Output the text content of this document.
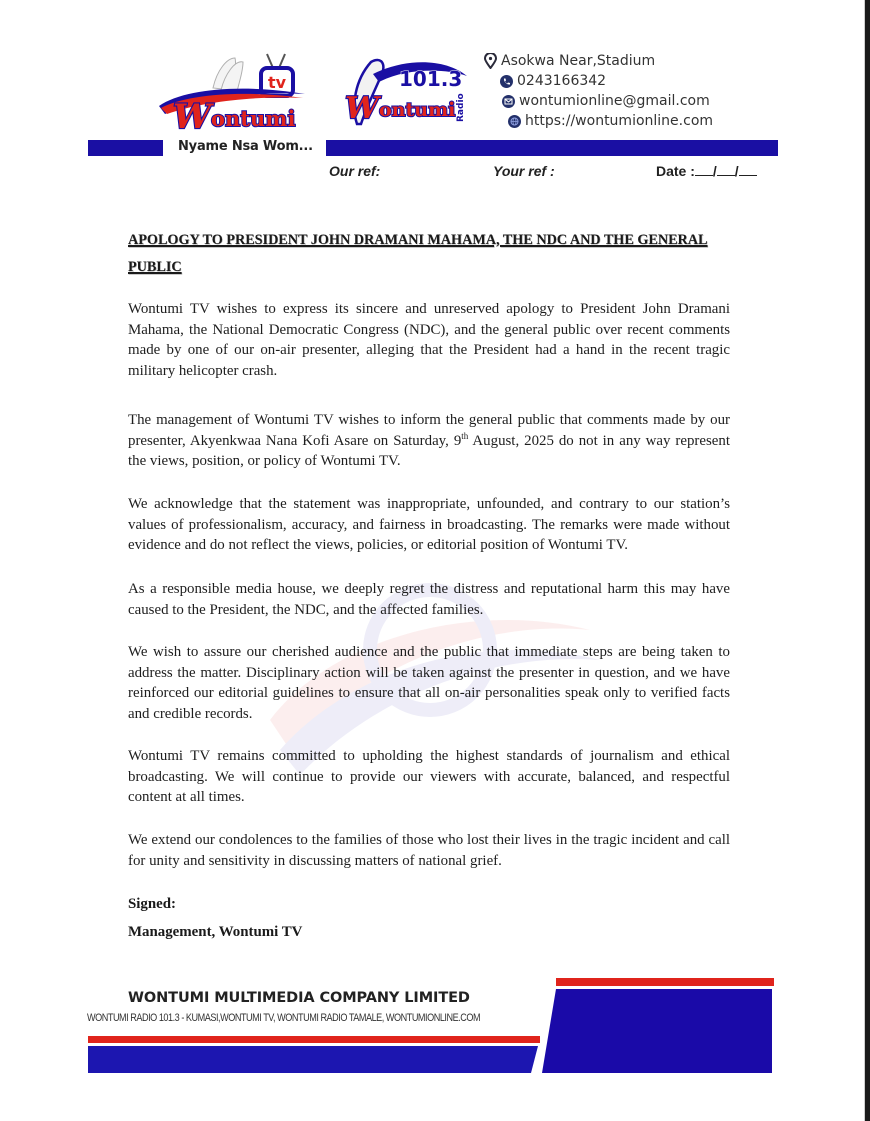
tv
W ontumi
101.3
W ontumi Radio
Asokwa Near,Stadium
0243166342
wontumionline@gmail.com
https://wontumionline.com
Nyame Nsa Wom...
Our ref:	Your ref :	Date : / /
APOLOGY TO PRESIDENT JOHN DRAMANI MAHAMA, THE NDC AND THE GENERAL PUBLIC
Wontumi TV wishes to express its sincere and unreserved apology to President John Dramani Mahama, the National Democratic Congress (NDC), and the general public over recent comments made by one of our on-air presenter, alleging that the President had a hand in the recent tragic military helicopter crash.
The management of Wontumi TV wishes to inform the general public that comments made by our presenter, Akyenkwaa Nana Kofi Asare on Saturday, 9th August, 2025 do not in any way represent the views, position, or policy of Wontumi TV.
We acknowledge that the statement was inappropriate, unfounded, and contrary to our station’s values of professionalism, accuracy, and fairness in broadcasting. The remarks were made without evidence and do not reflect the views, policies, or editorial position of Wontumi TV.
As a responsible media house, we deeply regret the distress and reputational harm this may have caused to the President, the NDC, and the affected families.
We wish to assure our cherished audience and the public that immediate steps are being taken to address the matter. Disciplinary action will be taken against the presenter in question, and we have reinforced our editorial guidelines to ensure that all on-air personalities speak only to verified facts and credible records.
Wontumi TV remains committed to upholding the highest standards of journalism and ethical broadcasting. We will continue to provide our viewers with accurate, balanced, and respectful content at all times.
We extend our condolences to the families of those who lost their lives in the tragic incident and call for unity and sensitivity in discussing matters of national grief.
Signed:
Management, Wontumi TV
WONTUMI MULTIMEDIA COMPANY LIMITED
WONTUMI RADIO 101.3 - KUMASI,WONTUMI TV, WONTUMI RADIO TAMALE, WONTUMIONLINE.COM
